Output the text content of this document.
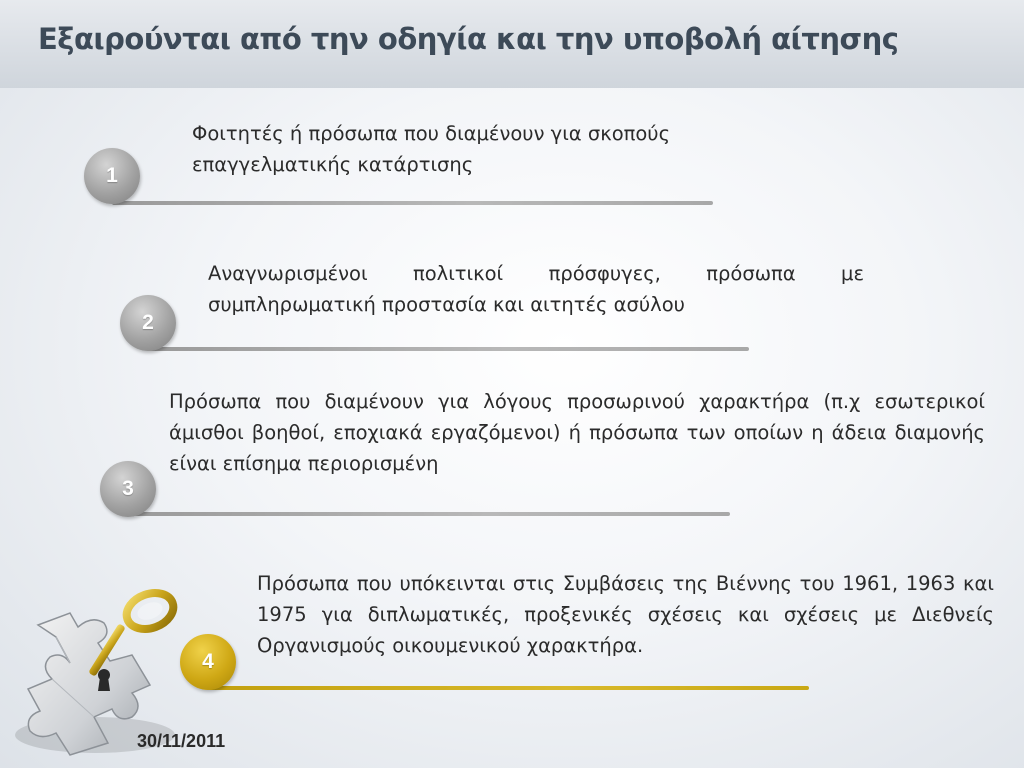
Εξαιρούνται από την οδηγία και την υποβολή αίτησης

Φοιτητές ή πρόσωπα που διαμένουν για σκοπούς επαγγελματικής κατάρτισης

1

Αναγνωρισμένοι πολιτικοί πρόσφυγες, πρόσωπα με συμπληρωματική προστασία και αιτητές ασύλου

2

Πρόσωπα που διαμένουν για λόγους προσωρινού χαρακτήρα (π.χ εσωτερικοί άμισθοι βοηθοί, εποχιακά εργαζόμενοι) ή πρόσωπα των οποίων η άδεια διαμονής είναι επίσημα περιορισμένη

3

Πρόσωπα που υπόκεινται στις Συμβάσεις της Βιέννης του 1961, 1963 και 1975 για διπλωματικές, προξενικές σχέσεις και σχέσεις με Διεθνείς Οργανισμούς οικουμενικού χαρακτήρα.

4
30/11/2011
